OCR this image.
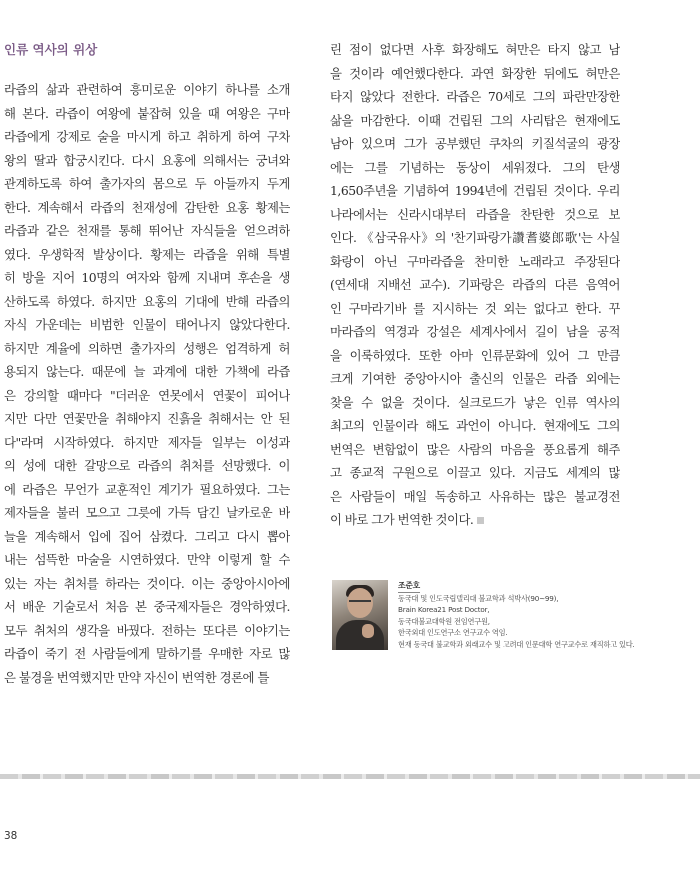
인류 역사의 위상
라즙의 삶과 관련하여 흥미로운 이야기 하나를 소개
해 본다. 라즙이 여왕에 붙잡혀 있을 때 여왕은 구마
라즙에게 강제로 술을 마시게 하고 취하게 하여 구차
왕의 딸과 합궁시킨다. 다시 요홍에 의해서는 궁녀와
관계하도록 하여 출가자의 몸으로 두 아들까지 두게
한다. 계속해서 라즙의 천재성에 감탄한 요홍 황제는
라즙과 같은 천재를 통해 뛰어난 자식들을 얻으려하
였다. 우생학적 발상이다. 황제는 라즙을 위해 특별
히 방을 지어 10명의 여자와 함께 지내며 후손을 생
산하도록 하였다. 하지만 요홍의 기대에 반해 라즙의
자식 가운데는 비범한 인물이 태어나지 않았다한다.
하지만 계율에 의하면 출가자의 성행은 엄격하게 허
용되지 않는다. 때문에 늘 과계에 대한 가책에 라즙
은 강의할 때마다 "더러운 연못에서 연꽃이 피어나
지만 다만 연꽃만을 취해야지 진흙을 취해서는 안 된
다"라며 시작하였다. 하지만 제자들 일부는 이성과
의 성에 대한 갈망으로 라즙의 취처를 선망했다. 이
에 라즙은 무언가 교훈적인 계기가 필요하였다. 그는
제자들을 불러 모으고 그릇에 가득 담긴 날카로운 바
늘을 계속해서 입에 집어 삼켰다. 그리고 다시 뽑아
내는 섬뜩한 마술을 시연하였다. 만약 이렇게 할 수
있는 자는 취처를 하라는 것이다. 이는 중앙아시아에
서 배운 기술로서 처음 본 중국제자들은 경악하였다.
모두 취처의 생각을 바꿨다. 전하는 또다른 이야기는
라즙이 죽기 전 사람들에게 말하기를 우매한 자로 많
은 불경을 번역했지만 만약 자신이 번역한 경론에 틀
린 점이 없다면 사후 화장해도 혀만은 타지 않고 남
을 것이라 예언했다한다. 과연 화장한 뒤에도 혀만은
타지 않았다 전한다. 라즙은 70세로 그의 파란만장한
삶을 마감한다. 이때 건립된 그의 사리탑은 현재에도
남아 있으며 그가 공부했던 쿠차의 키질석굴의 광장
에는 그를 기념하는 동상이 세워졌다. 그의 탄생
1,650주년을 기념하여 1994년에 건립된 것이다. 우리
나라에서는 신라시대부터 라즙을 찬탄한 것으로 보
인다. 《삼국유사》의 '찬기파랑가讚耆婆郎歌'는 사실
화랑이 아닌 구마라즙을 찬미한 노래라고 주장된다
(연세대 지배선 교수). 기파랑은 라즙의 다른 음역어
인 구마라기바 를 지시하는 것 외는 없다고 한다. 꾸
마라즙의 역경과 강설은 세계사에서 길이 남을 공적
을 이룩하였다. 또한 아마 인류문화에 있어 그 만큼
크게 기여한 중앙아시아 출신의 인물은 라즙 외에는
찾을 수 없을 것이다. 실크로드가 낳은 인류 역사의
최고의 인물이라 해도 과언이 아니다. 현재에도 그의
번역은 변함없이 많은 사람의 마음을 풍요롭게 해주
고 종교적 구원으로 이끌고 있다. 지금도 세계의 많
은 사람들이 매일 독송하고 사유하는 많은 불교경전
이 바로 그가 번역한 것이다.
조준호
동국대 및 인도국립델리대 불교학과 석박사(90~99),
Brain Korea21 Post Doctor,
동국대불교대학원 전임연구원,
한국외대 인도연구소 연구교수 역임.
현재 동국대 불교학과 외래교수 및 고려대 인문대학 연구교수로 재직하고 있다.
38
